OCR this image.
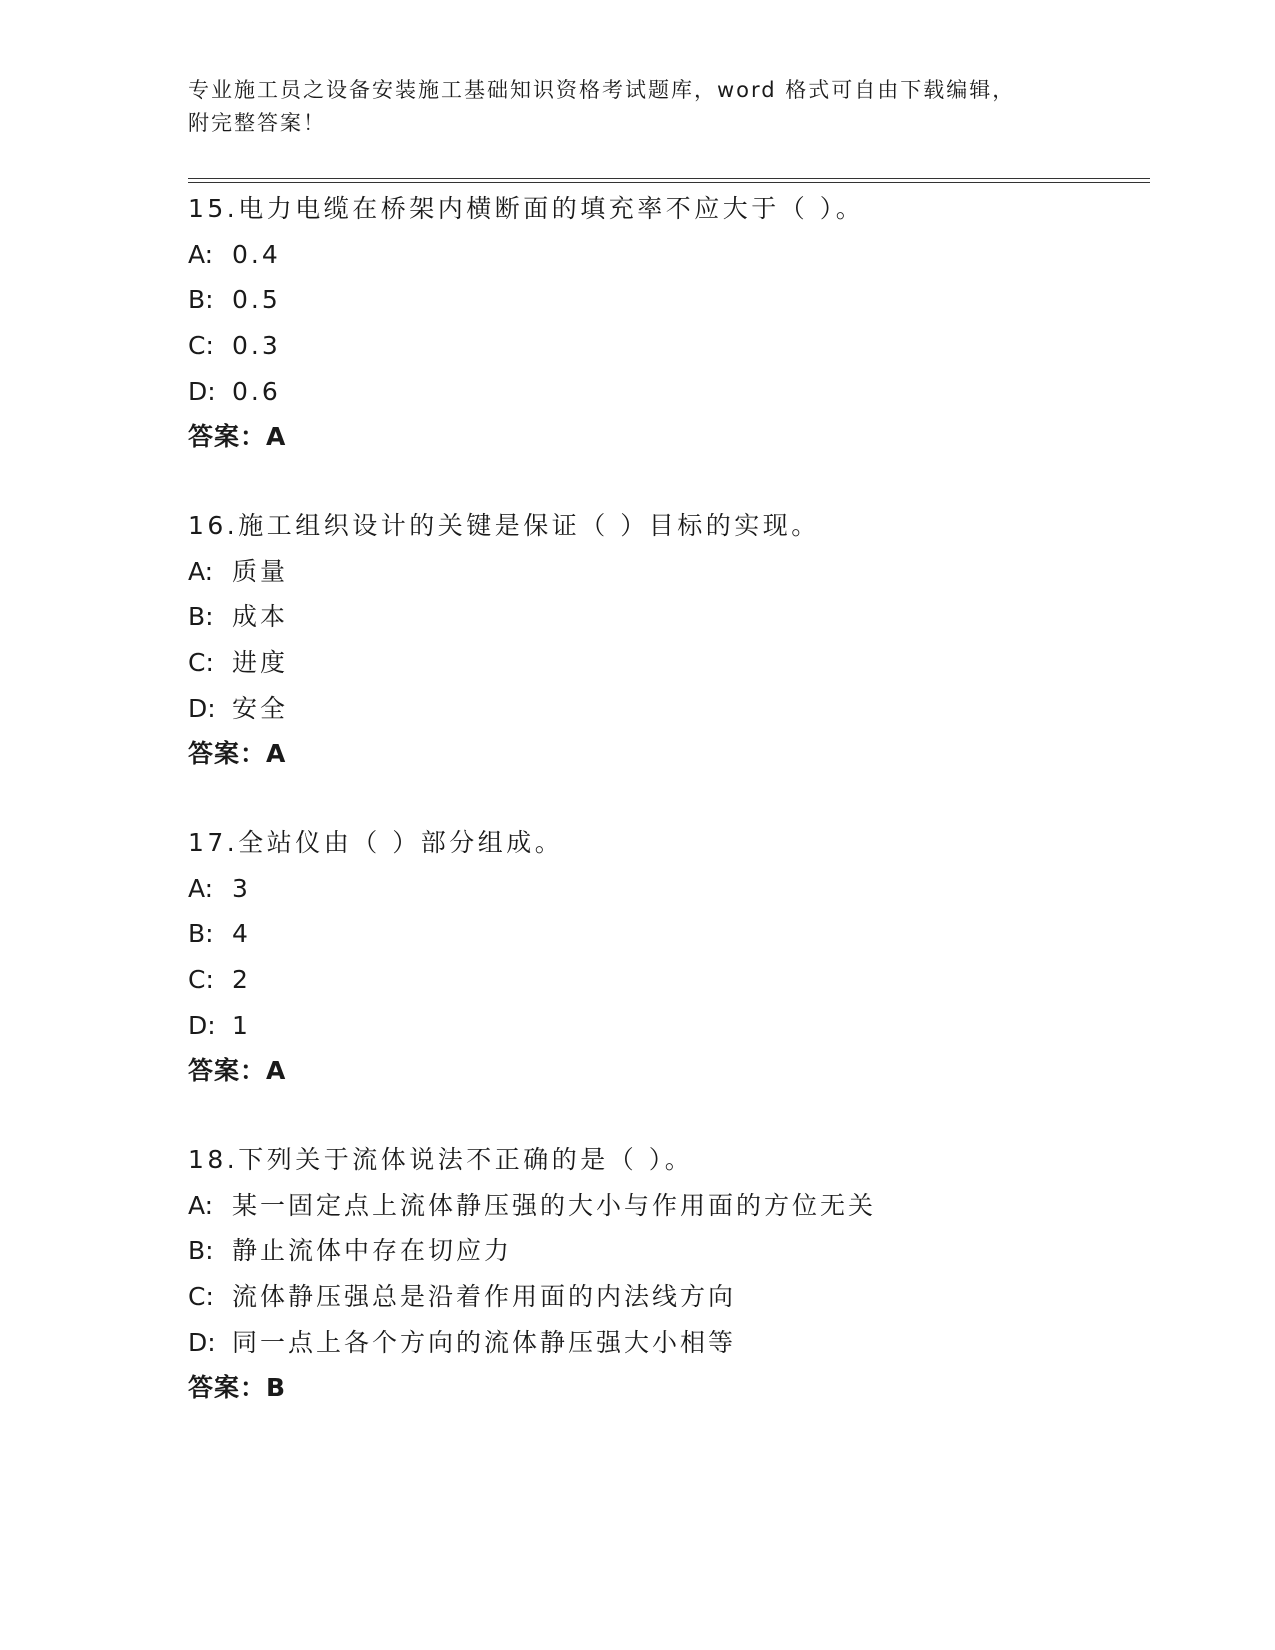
专业施工员之设备安装施工基础知识资格考试题库，word 格式可自由下载编辑，
附完整答案！
15.电力电缆在桥架内横断面的填充率不应大于（ ）。
A: 0.4
B: 0.5
C: 0.3
D: 0.6
答案：A
16.施工组织设计的关键是保证（ ）目标的实现。
A: 质量
B: 成本
C: 进度
D: 安全
答案：A
17.全站仪由（ ）部分组成。
A: 3
B: 4
C: 2
D: 1
答案：A
18.下列关于流体说法不正确的是（ ）。
A: 某一固定点上流体静压强的大小与作用面的方位无关
B: 静止流体中存在切应力
C: 流体静压强总是沿着作用面的内法线方向
D: 同一点上各个方向的流体静压强大小相等
答案：B
